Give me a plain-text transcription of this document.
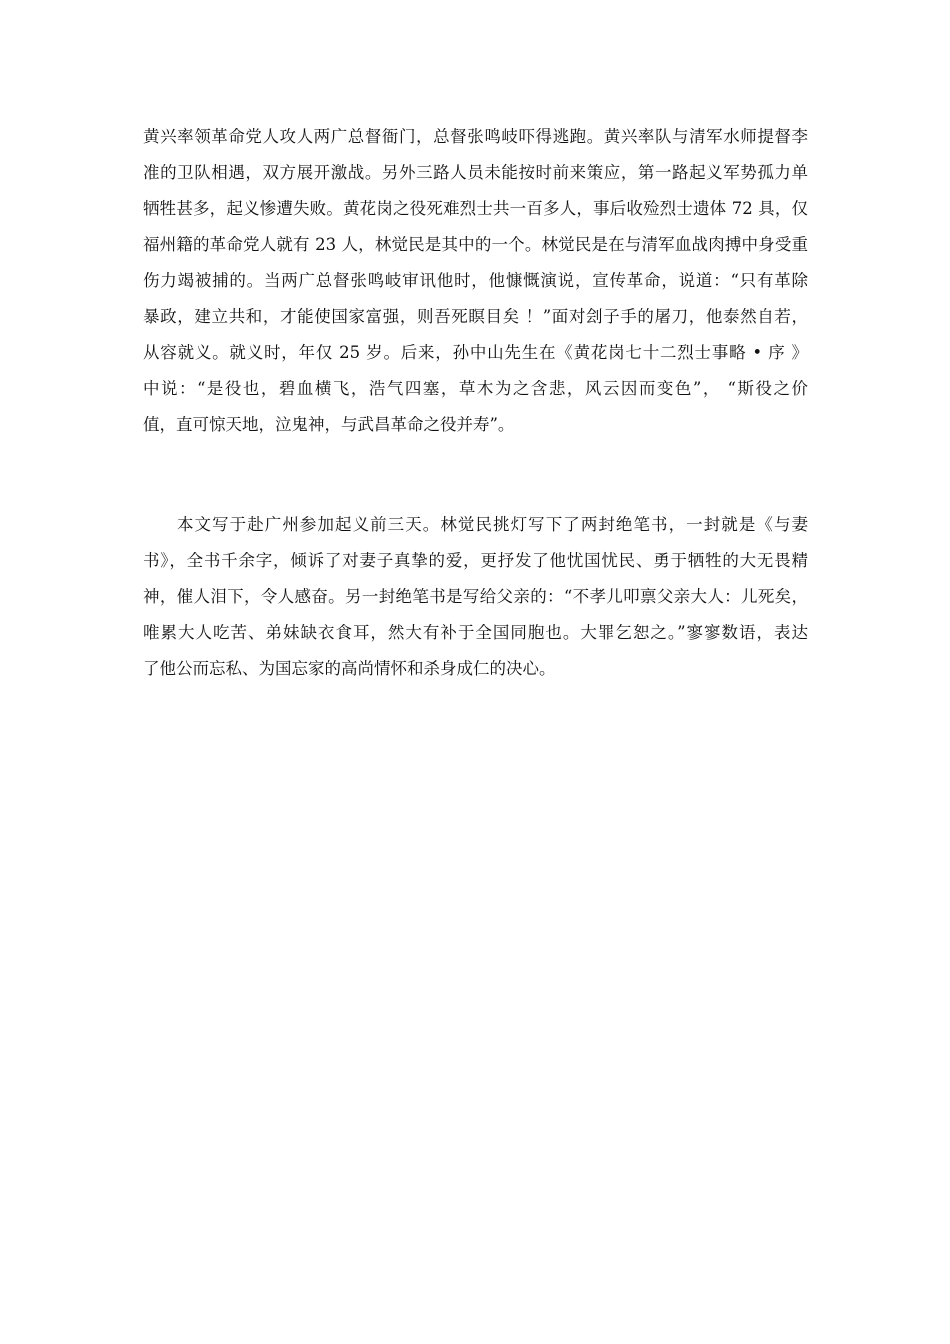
黄兴率领革命党人攻人两广总督衙门，总督张鸣岐吓得逃跑。黄兴率队与清军水师提督李
准的卫队相遇，双方展开激战。另外三路人员未能按时前来策应，第一路起义军势孤力单
牺牲甚多，起义惨遭失败。黄花岗之役死难烈士共一百多人，事后收殓烈士遗体 72 具，仅
福州籍的革命党人就有 23 人，林觉民是其中的一个。林觉民是在与清军血战肉搏中身受重
伤力竭被捕的。当两广总督张鸣岐审讯他时，他慷慨演说，宣传革命，说道：“只有革除
暴政，建立共和，才能使国家富强，则吾死瞑目矣 ！”面对刽子手的屠刀，他泰然自若，
从容就义。就义时，年仅 25 岁。后来，孙中山先生在《黄花岗七十二烈士事略 • 序 》
中说：“是役也，碧血横飞，浩气四塞，草木为之含悲，风云因而变色”， “斯役之价
值，直可惊天地，泣鬼神，与武昌革命之役并寿”。
本文写于赴广州参加起义前三天。林觉民挑灯写下了两封绝笔书，一封就是《与妻
书》，全书千余字，倾诉了对妻子真挚的爱，更抒发了他忧国忧民、勇于牺牲的大无畏精
神，催人泪下，令人感奋。另一封绝笔书是写给父亲的：“不孝儿叩禀父亲大人：儿死矣，
唯累大人吃苦、弟妹缺衣食耳，然大有补于全国同胞也。大罪乞恕之。”寥寥数语，表达
了他公而忘私、为国忘家的高尚情怀和杀身成仁的决心。
